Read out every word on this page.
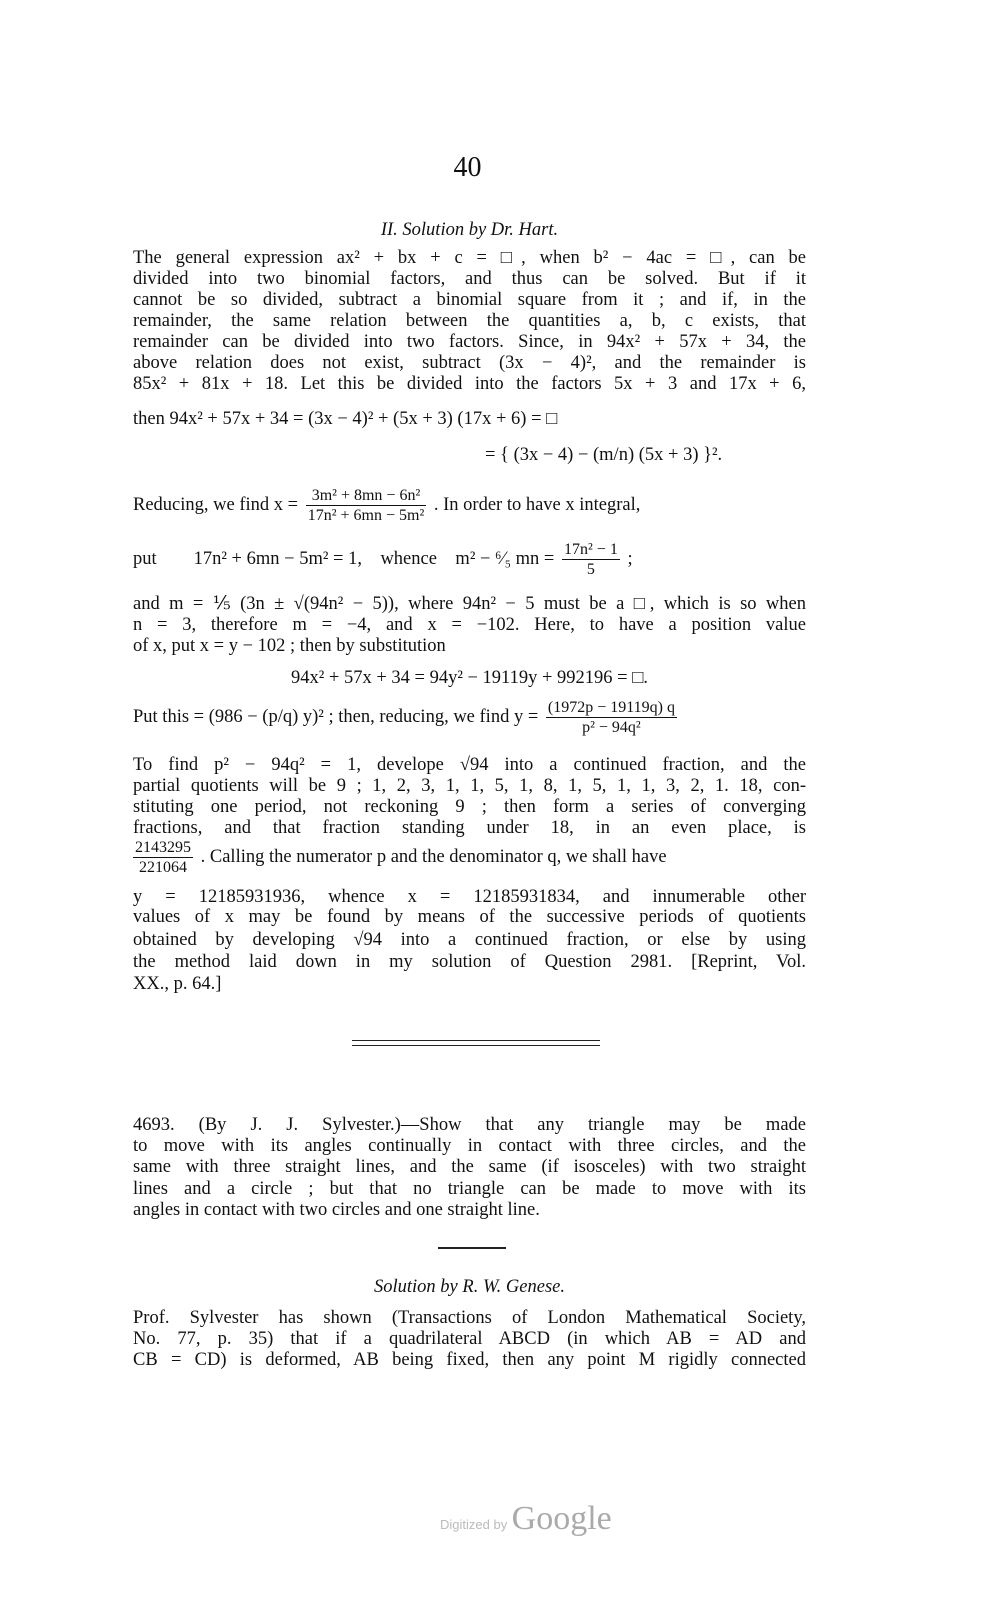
40
II. Solution by Dr. Hart.
The general expression ax² + bx + c = □, when b² − 4ac = □, can be
divided into two binomial factors, and thus can be solved. But if it
cannot be so divided, subtract a binomial square from it ; and if, in the
remainder, the same relation between the quantities a, b, c exists, that
remainder can be divided into two factors. Since, in 94x² + 57x + 34, the
above relation does not exist, subtract (3x − 4)², and the remainder is
85x² + 81x + 18. Let this be divided into the factors 5x + 3 and 17x + 6,
then 94x² + 57x + 34 = (3x − 4)² + (5x + 3) (17x + 6) = □
= { (3x − 4) − (m/n) (5x + 3) }².
Reducing, we find $x = \frac{\text{3m² + 8mn − 6n²}}{\text{17n² + 6mn − 5m²}}$ . In order to have x integral,
put        17n² + 6mn − 5m² = 1,    whence    m² − ⁶⁄₅ mn = $\frac{\text{17n² − 1}}{5}$ ;
and m = ⅕ (3n ± √(94n² − 5)), where 94n² − 5 must be a □, which is so when
n = 3, therefore m = −4, and x = −102. Here, to have a position value
of x, put x = y − 102 ; then by substitution
94x² + 57x + 34 = 94y² − 19119y + 992196 = □.
Put this = (986 − (p/q) y)² ; then, reducing, we find $y = \frac{(1972p - 19119q) q}{\text{p² − 94q²}}$
To find p² − 94q² = 1, develope √94 into a continued fraction, and the
partial quotients will be 9 ; 1, 2, 3, 1, 1, 5, 1, 8, 1, 5, 1, 1, 3, 2, 1. 18, con-
stituting one period, not reckoning 9 ; then form a series of converging
fractions, and that fraction standing under 18, in an even place, is
$\frac{2143295}{221064}$ . Calling the numerator p and the denominator q, we shall have
y = 12185931936, whence x = 12185931834, and innumerable other
values of x may be found by means of the successive periods of quotients
obtained by developing √94 into a continued fraction, or else by using
the method laid down in my solution of Question 2981. [Reprint, Vol.
XX., p. 64.]
4693. (By J. J. Sylvester.)—Show that any triangle may be made
to move with its angles continually in contact with three circles, and the
same with three straight lines, and the same (if isosceles) with two straight
lines and a circle ; but that no triangle can be made to move with its
angles in contact with two circles and one straight line.
Solution by R. W. Genese.
Prof. Sylvester has shown (Transactions of London Mathematical Society,
No. 77, p. 35) that if a quadrilateral ABCD (in which AB = AD and
CB = CD) is deformed, AB being fixed, then any point M rigidly connected
Digitized by Google
